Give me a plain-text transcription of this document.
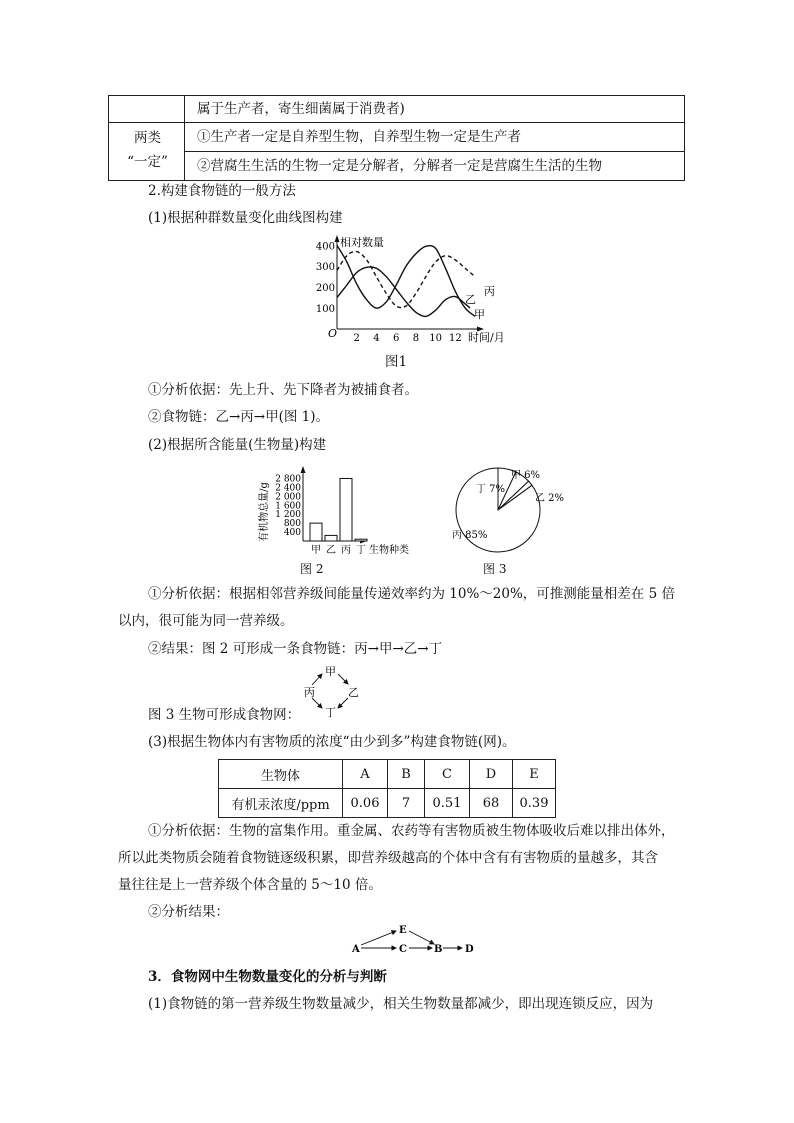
属于生产者，寄生细菌属于消费者)
两类
“一定”
①生产者一定是自养型生物，自养型生物一定是生产者
②营腐生生活的生物一定是分解者，分解者一定是营腐生生活的生物
2.构建食物链的一般方法
(1)根据种群数量变化曲线图构建
相对数量
时间/月
O 2 4 6 8 10 12
100
200
300
400
乙
丙
甲
图1
①分析依据：先上升、先下降者为被捕食者。
②食物链：乙→丙→甲(图 1)。
(2)根据所含能量(生物量)构建
有机物总量/g
生物种类
400
800
1 200
1 600
2 000
2 400
2 800
甲 乙 丙 丁
图 2
丙 85%
丁 7%
甲 6%
乙 2%
图 3
①分析依据：根据相邻营养级间能量传递效率约为 10%～20%，可推测能量相差在 5 倍
以内，很可能为同一营养级。
②结果：图 2 可形成一条食物链：丙→甲→乙→丁
甲
丙	乙
丁
图 3 生物可形成食物网：
(3)根据生物体内有害物质的浓度“由少到多”构建食物链(网)。
生物体	A	B	C	D	E
有机汞浓度/ppm	0.06	7	0.51	68	0.39
①分析依据：生物的富集作用。重金属、农药等有害物质被生物体吸收后难以排出体外，
所以此类物质会随着食物链逐级积累，即营养级越高的个体中含有有害物质的量越多，其含
量往往是上一营养级个体含量的 5～10 倍。
②分析结果：
E
A	C	B D
3．食物网中生物数量变化的分析与判断
(1)食物链的第一营养级生物数量减少，相关生物数量都减少，即出现连锁反应，因为
